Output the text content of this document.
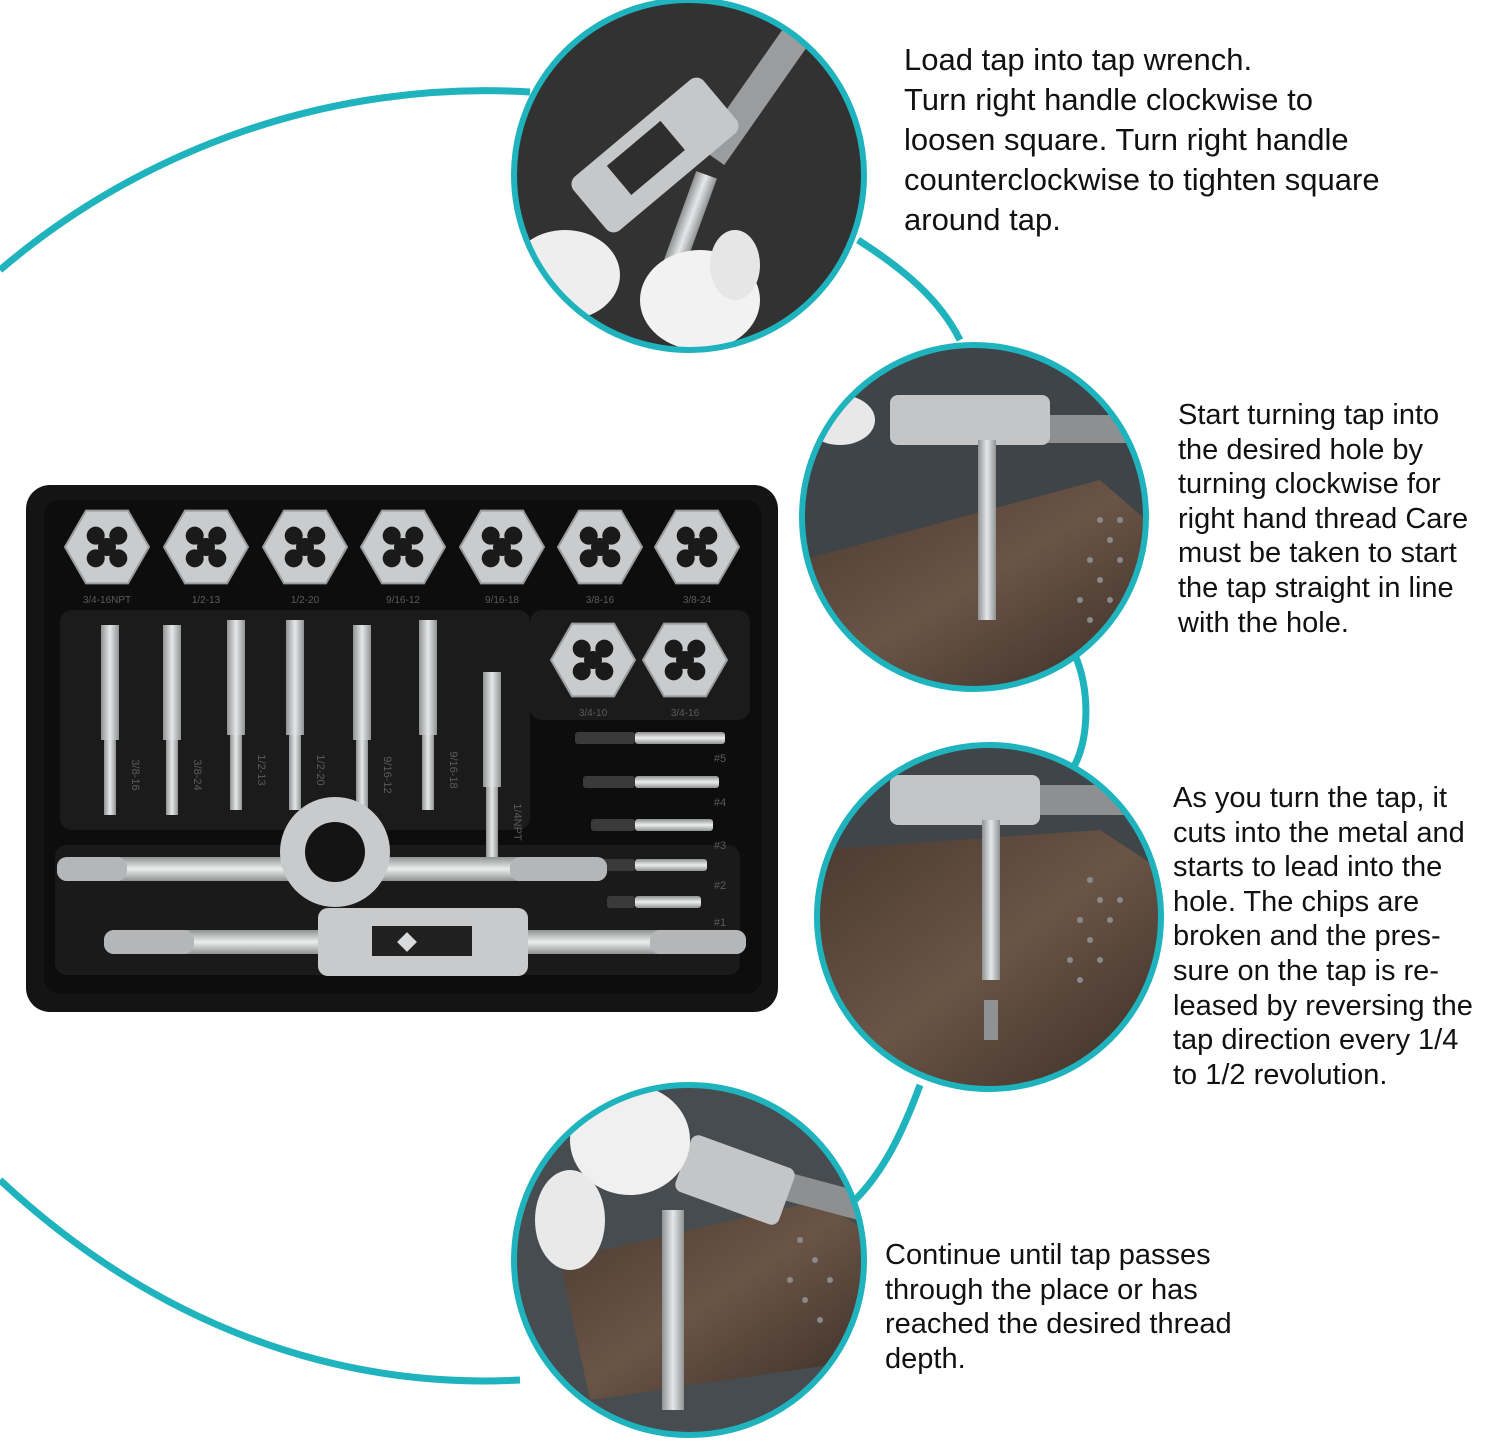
3/4-16NPT	1/2-13	1/2-20	9/16-12	9/16-18	3/8-16	3/8-24
3/4-10	3/4-16
3/8-16	3/8-24	1/2-13	1/2-20	9/16-12	9/16-18
1/4NPT
#5
#4
#3
#2
#1
Load tap into tap wrench.
Turn right handle clockwise to
loosen square. Turn right handle
counterclockwise to tighten square
around tap.
Start turning tap into
the desired hole by
turning clockwise for
right hand thread Care
must be taken to start
the tap straight in line
with the hole.
As you turn the tap, it
cuts into the metal and
starts to lead into the
hole. The chips are
broken and the pres-
sure on the tap is re-
leased by reversing the
tap direction every 1/4
to 1/2 revolution.
Continue until tap passes
through the place or has
reached the desired thread
depth.
